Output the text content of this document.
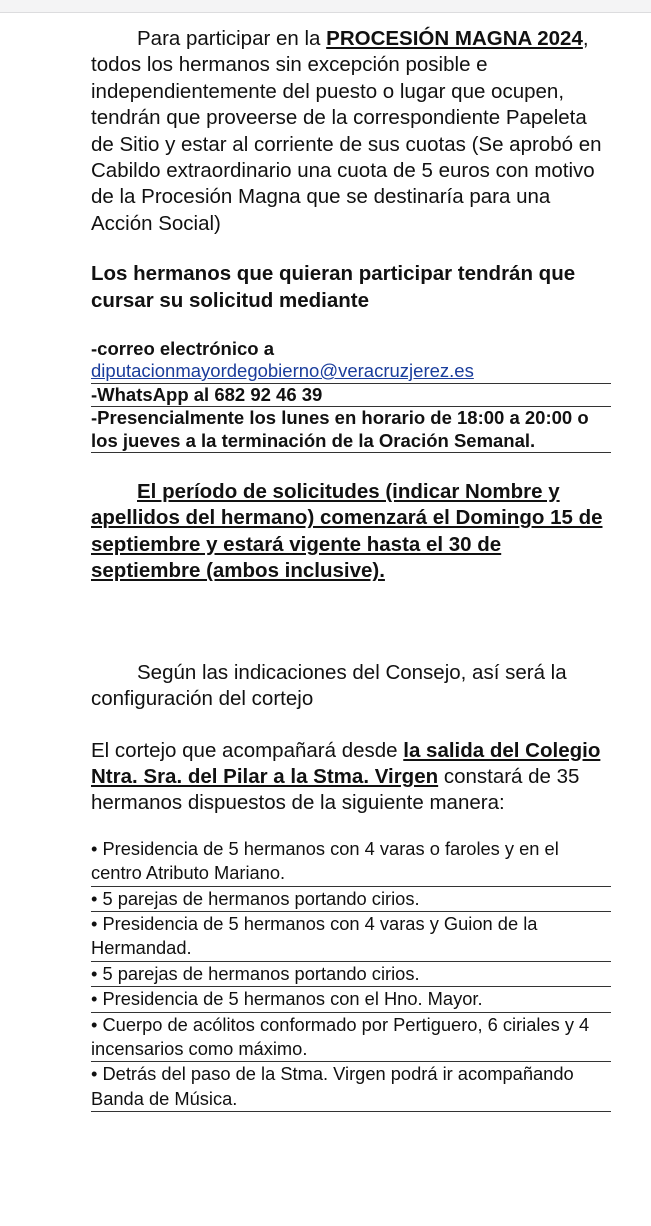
Para participar en la PROCESIÓN MAGNA 2024, todos los hermanos sin excepción posible e independientemente del puesto o lugar que ocupen, tendrán que proveerse de la correspondiente Papeleta de Sitio y estar al corriente de sus cuotas (Se aprobó en Cabildo extraordinario una cuota de 5 euros con motivo de la Procesión Magna que se destinaría para una Acción Social)

Los hermanos que quieran participar tendrán que cursar su solicitud mediante

-correo electrónico a

diputacionmayordegobierno@veracruzjerez.es
-WhatsApp al 682 92 46 39
-Presencialmente los lunes en horario de 18:00 a 20:00 o los jueves a la terminación de la Oración Semanal.

El período de solicitudes (indicar Nombre y apellidos del hermano) comenzará el Domingo 15 de septiembre y estará vigente hasta el 30 de septiembre (ambos inclusive).

Según las indicaciones del Consejo, así será la configuración del cortejo

El cortejo que acompañará desde la salida del Colegio Ntra. Sra. del Pilar a la Stma. Virgen constará de 35 hermanos dispuestos de la siguiente manera:

• Presidencia de 5 hermanos con 4 varas o faroles y en el centro Atributo Mariano.
• 5 parejas de hermanos portando cirios.
• Presidencia de 5 hermanos con 4 varas y Guion de la Hermandad.
• 5 parejas de hermanos portando cirios.
• Presidencia de 5 hermanos con el Hno. Mayor.
• Cuerpo de acólitos conformado por Pertiguero, 6 ciriales y 4 incensarios como máximo.
• Detrás del paso de la Stma. Virgen podrá ir acompañando Banda de Música.
